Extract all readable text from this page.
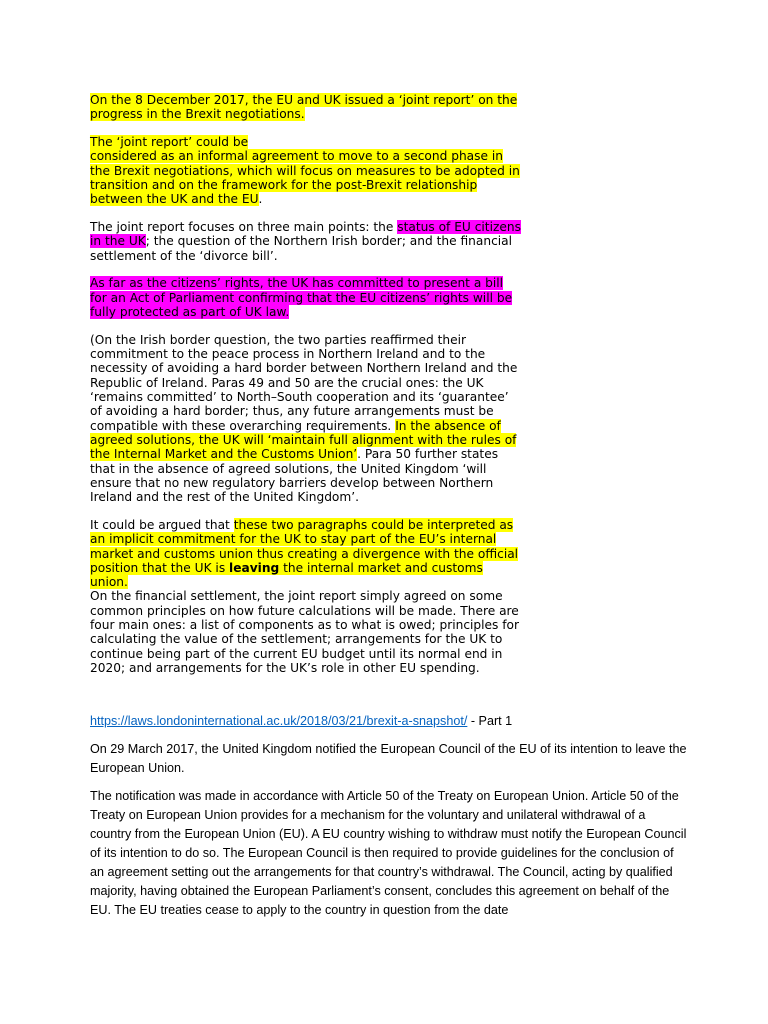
On the 8 December 2017, the EU and UK issued a ‘joint report’ on the progress in the Brexit negotiations.

The ‘joint report’ could be
considered as an informal agreement to move to a second phase in the Brexit negotiations, which will focus on measures to be adopted in transition and on the framework for the post-Brexit relationship between the UK and the EU.

The joint report focuses on three main points: the status of EU citizens in the UK; the question of the Northern Irish border; and the financial settlement of the ‘divorce bill’.

As far as the citizens’ rights, the UK has committed to present a bill for an Act of Parliament confirming that the EU citizens’ rights will be fully protected as part of UK law.

(On the Irish border question, the two parties reaffirmed their commitment to the peace process in Northern Ireland and to the necessity of avoiding a hard border between Northern Ireland and the Republic of Ireland. Paras 49 and 50 are the crucial ones: the UK ‘remains committed’ to North–South cooperation and its ‘guarantee’ of avoiding a hard border; thus, any future arrangements must be compatible with these overarching requirements. In the absence of agreed solutions, the UK will ‘maintain full alignment with the rules of the Internal Market and the Customs Union’. Para 50 further states that in the absence of agreed solutions, the United Kingdom ‘will ensure that no new regulatory barriers develop between Northern Ireland and the rest of the United Kingdom’.

It could be argued that these two paragraphs could be interpreted as an implicit commitment for the UK to stay part of the EU’s internal market and customs union thus creating a divergence with the official position that the UK is leaving the internal market and customs union.

On the financial settlement, the joint report simply agreed on some common principles on how future calculations will be made. There are four main ones: a list of components as to what is owed; principles for calculating the value of the settlement; arrangements for the UK to continue being part of the current EU budget until its normal end in 2020; and arrangements for the UK’s role in other EU spending.

https://laws.londoninternational.ac.uk/2018/03/21/brexit-a-snapshot/ - Part 1

On 29 March 2017, the United Kingdom notified the European Council of the EU of its intention to leave the European Union.

The notification was made in accordance with Article 50 of the Treaty on European Union. Article 50 of the Treaty on European Union provides for a mechanism for the voluntary and unilateral withdrawal of a country from the European Union (EU). A EU country wishing to withdraw must notify the European Council of its intention to do so. The European Council is then required to provide guidelines for the conclusion of an agreement setting out the arrangements for that country’s withdrawal. The Council, acting by qualified majority, having obtained the European Parliament’s consent, concludes this agreement on behalf of the EU. The EU treaties cease to apply to the country in question from the date
